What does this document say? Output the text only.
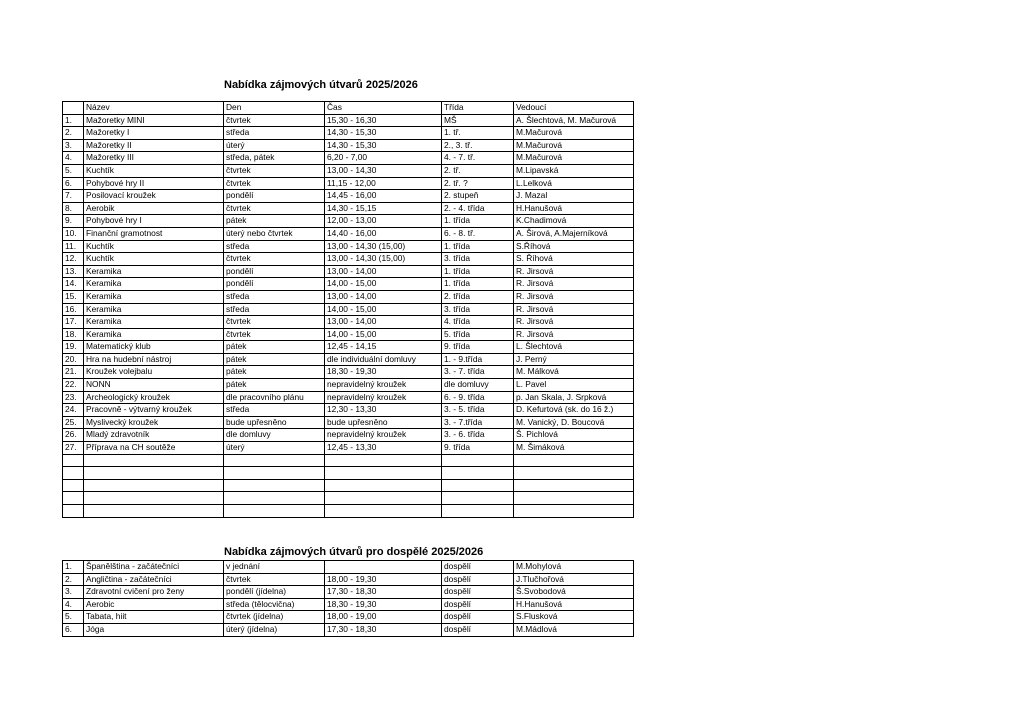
Nabídka zájmových útvarů 2025/2026
	Název	Den	Čas	Třída	Vedoucí
1.	Mažoretky MINI	čtvrtek	15,30 - 16,30	MŠ	A. Šlechtová, M. Mačurová
2.	Mažoretky I	středa	14,30 - 15,30	1. tř.	M.Mačurová
3.	Mažoretky II	úterý	14,30 - 15,30	2., 3. tř.	M.Mačurová
4.	Mažoretky III	středa, pátek	6,20 - 7,00	4. - 7. tř.	M.Mačurová
5.	Kuchtík	čtvrtek	13,00 - 14,30	2. tř.	M.Lipavská
6.	Pohybové hry II	čtvrtek	11,15 - 12,00	2. tř. ?	L.Lelková
7.	Posilovací kroužek	pondělí	14,45 - 16,00	2. stupeň	J. Mazal
8.	Aerobik	čtvrtek	14,30 - 15,15	2. - 4. třída	H.Hanušová
9.	Pohybové hry I	pátek	12,00 - 13,00	1. třída	K.Chadimová
10.	Finanční gramotnost	úterý nebo čtvrtek	14,40 - 16,00	6. - 8. tř.	A. Širová, A.Majerníková
11.	Kuchtík	středa	13,00 - 14,30 (15,00)	1. třída	S.Říhová
12.	Kuchtík	čtvrtek	13,00 - 14,30 (15,00)	3. třída	S. Říhová
13.	Keramika	pondělí	13,00 - 14,00	1. třída	R. Jirsová
14.	Keramika	pondělí	14,00 - 15,00	1. třída	R. Jirsová
15.	Keramika	středa	13,00 - 14,00	2. třída	R. Jirsová
16.	Keramika	středa	14,00 - 15,00	3. třída	R. Jirsová
17.	Keramika	čtvrtek	13,00 - 14,00	4. třída	R. Jirsová
18.	Keramika	čtvrtek	14,00 - 15,00	5. třída	R. Jirsová
19.	Matematický klub	pátek	12,45 - 14,15	9. třída	L. Šlechtová
20.	Hra na hudební nástroj	pátek	dle individuální domluvy	1. - 9.třída	J. Perný
21.	Kroužek volejbalu	pátek	18,30 - 19,30	3. - 7. třída	M. Málková
22.	NONN	pátek	nepravidelný kroužek	dle domluvy	L. Pavel
23.	Archeologický kroužek	dle pracovního plánu	nepravidelný kroužek	6. - 9. třída	p. Jan Skala, J. Srpková
24.	Pracovně - výtvarný kroužek	středa	12,30 - 13,30	3. - 5. třída	D. Kefurtová (sk. do 16 ž.)
25.	Myslivecký kroužek	bude upřesněno	bude upřesněno	3. - 7.třída	M. Vanický, D. Boucová
26.	Mladý zdravotník	dle domluvy	nepravidelný kroužek	3. - 6. třída	Š. Pichlová
27.	Příprava na CH soutěže	úterý	12,45 - 13,30	9. třída	M. Šimáková

Nabídka zájmových útvarů pro dospělé 2025/2026
1.	Španělština - začátečníci	v jednání		dospělí	M.Mohylová
2.	Angličtina - začátečníci	čtvrtek	18,00 - 19,30	dospělí	J.Tlučhořová
3.	Zdravotní cvičení pro ženy	pondělí (jídelna)	17,30 - 18,30	dospělí	Š.Svobodová
4.	Aerobic	středa (tělocvična)	18,30 - 19,30	dospělí	H.Hanušová
5.	Tabata, hiit	čtvrtek (jídelna)	18,00 - 19,00	dospělí	S.Flusková
6.	Jóga	úterý (jídelna)	17,30 - 18,30	dospělí	M.Mádlová
